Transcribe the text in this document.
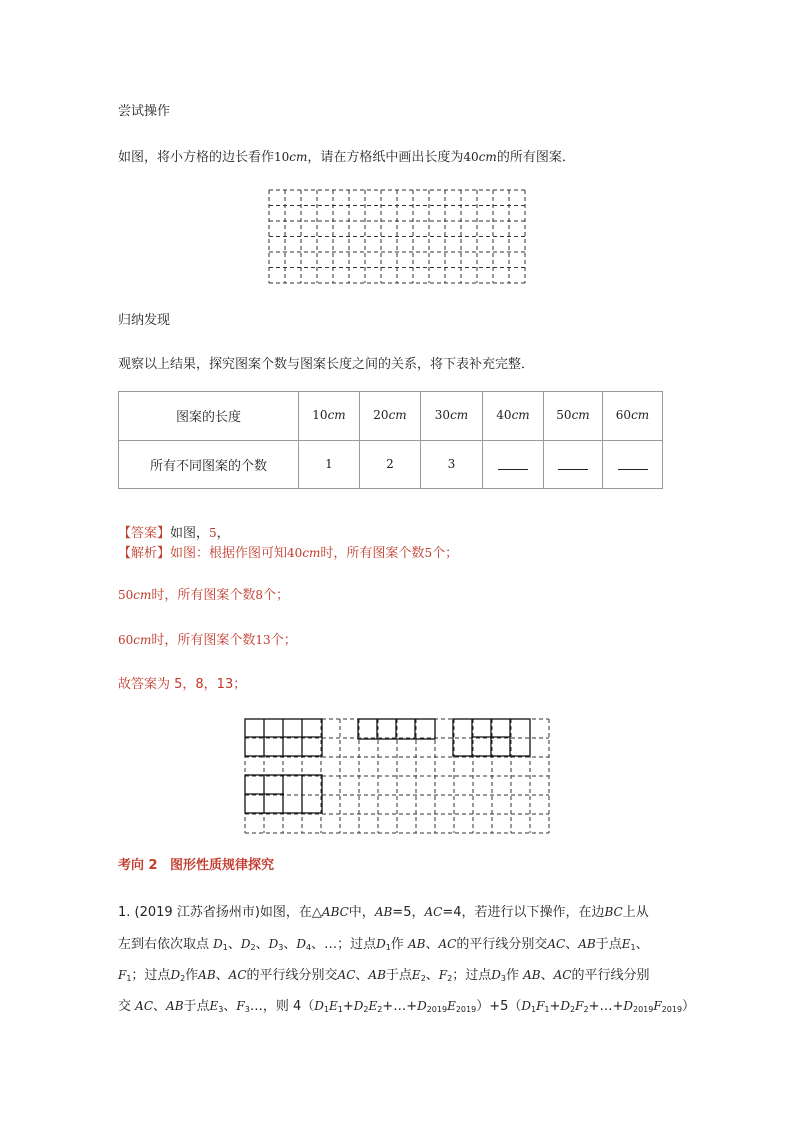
尝试操作
如图，将小方格的边长看作10cm，请在方格纸中画出长度为40cm的所有图案．
归纳发现
观察以上结果，探究图案个数与图案长度之间的关系，将下表补充完整．
图案的长度	10cm	20cm	30cm	40cm	50cm	60cm
所有不同图案的个数	1	2	3			
【答案】如图，5，
【解析】如图：根据作图可知40cm时，所有图案个数5个；
50cm时，所有图案个数8个；
60cm时，所有图案个数13个；
故答案为 5，8，13；
考向 2 图形性质规律探究
1. (2019 江苏省扬州市)如图，在△ABC中，AB=5，AC=4，若进行以下操作，在边BC上从
左到右依次取点 $D_1$、$D_2$、$D_3$、$D_4$、…；过点$D_1$作 AB、AC的平行线分别交AC、AB于点$E_1$、
$F_1$；过点$D_2$作AB、AC的平行线分别交AC、AB于点$E_2$、$F_2$；过点$D_3$作 AB、AC的平行线分别
交 AC、AB于点$E_3$、$F_3\dots$，则 $4(D_1E_1+D_2E_2+\dots+D_{2019}E_{2019})+5(D_1F_1+D_2F_2+\dots+D_{2019}F_{2019})$
